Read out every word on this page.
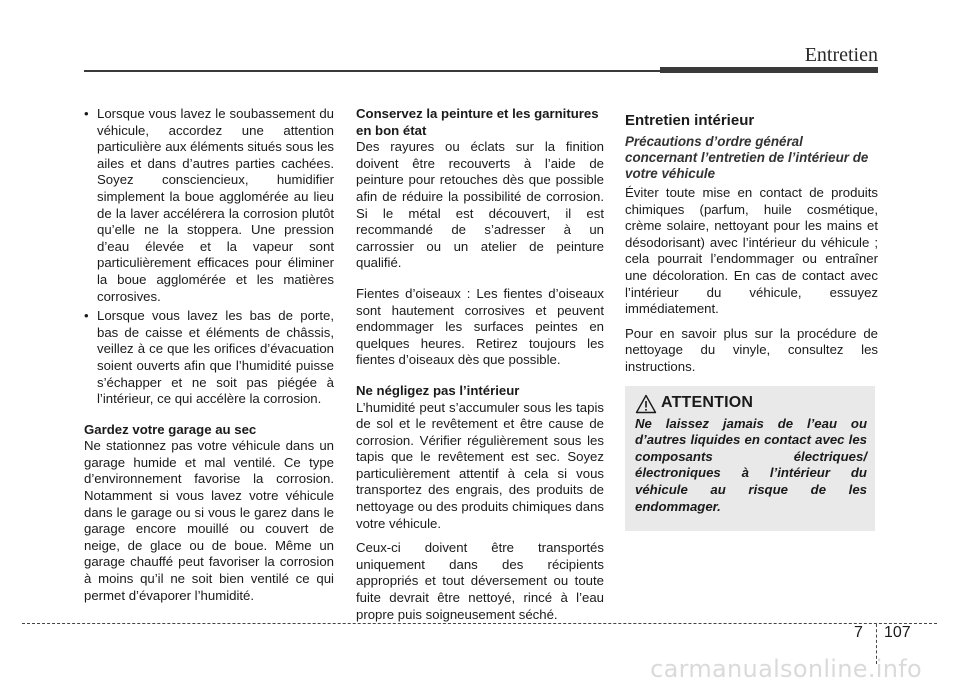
Entretien
• Lorsque vous lavez le soubassement du véhicule, accordez une attention particulière aux éléments situés sous les ailes et dans d’autres parties cachées. Soyez consciencieux, humidifier simplement la boue agglomérée au lieu de la laver accélérera la corrosion plutôt qu’elle ne la stoppera. Une pression d’eau élevée et la vapeur sont particulièrement efficaces pour éliminer la boue agglomérée et les matières corrosives.
• Lorsque vous lavez les bas de porte, bas de caisse et éléments de châssis, veillez à ce que les orifices d’évacuation soient ouverts afin que l’humidité puisse s’échapper et ne soit pas piégée à l’intérieur, ce qui accélère la corrosion.
Gardez votre garage au sec

Ne stationnez pas votre véhicule dans un garage humide et mal ventilé. Ce type d’environnement favorise la corrosion. Notamment si vous lavez votre véhicule dans le garage ou si vous le garez dans le garage encore mouillé ou couvert de neige, de glace ou de boue. Même un garage chauffé peut favoriser la corrosion à moins qu’il ne soit bien ventilé ce qui permet d’évaporer l’humidité.

Conservez la peinture et les garnitures en bon état

Des rayures ou éclats sur la finition doivent être recouverts à l’aide de peinture pour retouches dès que possible afin de réduire la possibilité de corrosion. Si le métal est découvert, il est recommandé de s’adresser à un carrossier ou un atelier de peinture qualifié.

Fientes d’oiseaux : Les fientes d’oiseaux sont hautement corrosives et peuvent endommager les surfaces peintes en quelques heures. Retirez toujours les fientes d’oiseaux dès que possible.

Ne négligez pas l’intérieur

L’humidité peut s’accumuler sous les tapis de sol et le revêtement et être cause de corrosion. Vérifier régulièrement sous les tapis que le revêtement est sec. Soyez particulièrement attentif à cela si vous transportez des engrais, des produits de nettoyage ou des produits chimiques dans votre véhicule.

Ceux-ci doivent être transportés uniquement dans des récipients appropriés et tout déversement ou toute fuite devrait être nettoyé, rincé à l’eau propre puis soigneusement séché.

Entretien intérieur
Précautions d’ordre général concernant l’entretien de l’intérieur de votre véhicule

Éviter toute mise en contact de produits chimiques (parfum, huile cosmétique, crème solaire, nettoyant pour les mains et désodorisant) avec l’intérieur du véhicule ; cela pourrait l’endommager ou entraîner une décoloration. En cas de contact avec l’intérieur du véhicule, essuyez immédiatement.

Pour en savoir plus sur la procédure de nettoyage du vinyle, consultez les instructions.

ATTENTION
Ne laissez jamais de l’eau ou d’autres liquides en contact avec les composants électriques/électroniques à l’intérieur du véhicule au risque de les endommager.
7 107
carmanualsonline.info
